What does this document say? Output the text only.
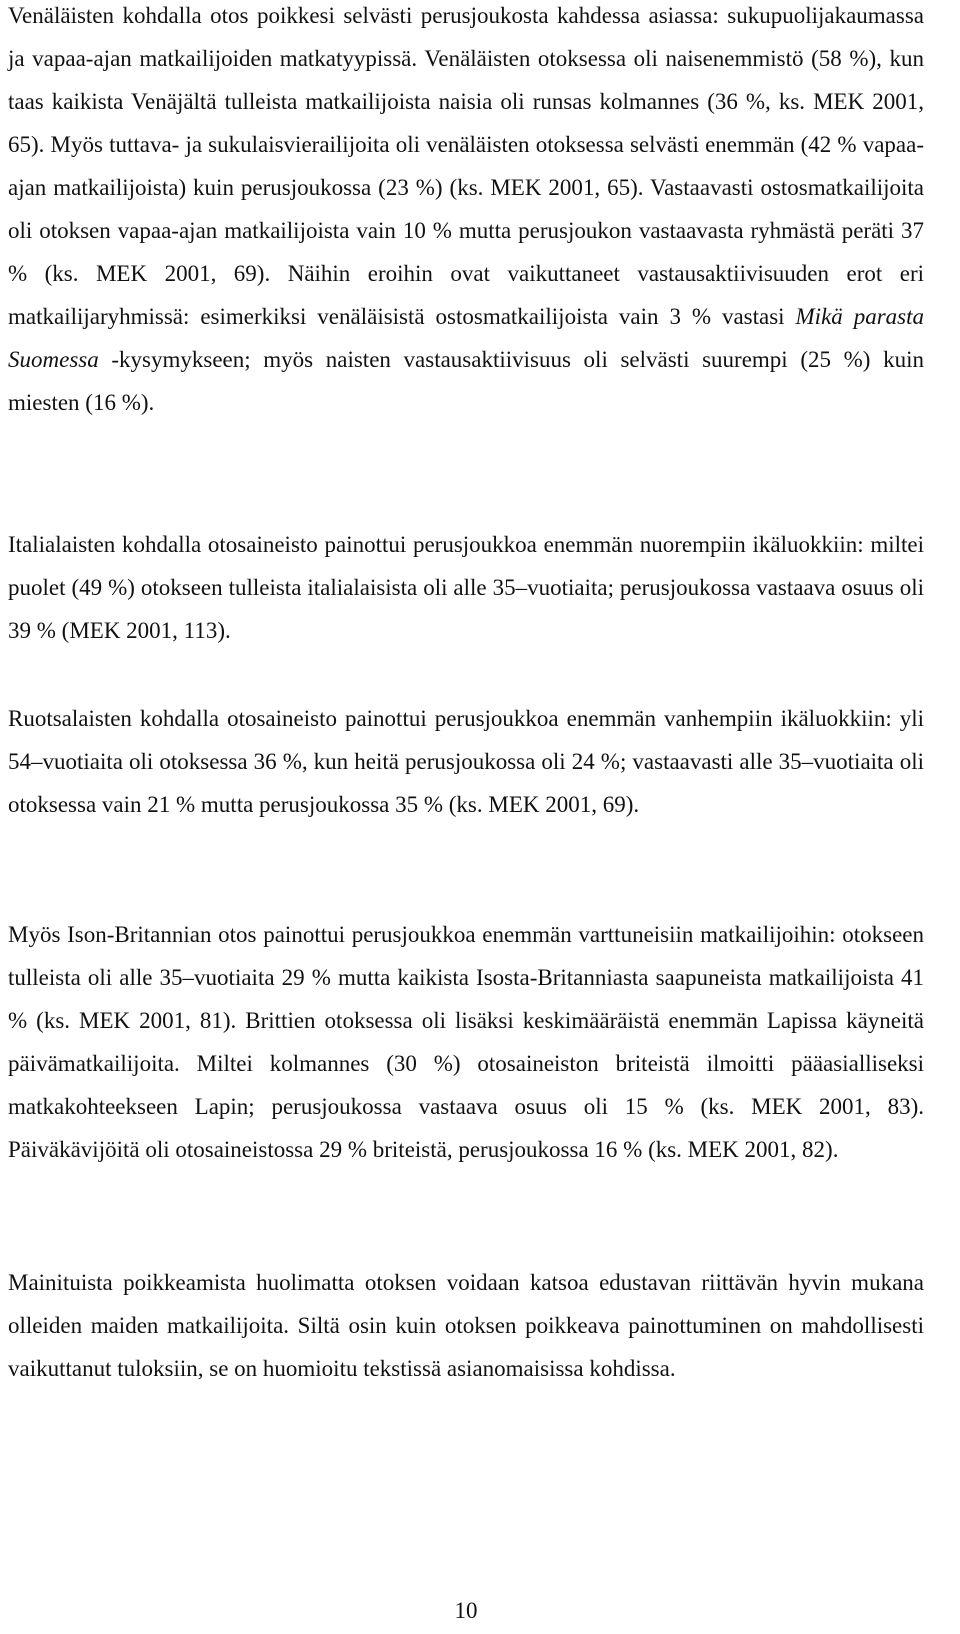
Venäläisten kohdalla otos poikkesi selvästi perusjoukosta kahdessa asiassa: sukupuolijakaumassa ja vapaa-ajan matkailijoiden matkatyypissä. Venäläisten otoksessa oli naisenemmistö (58 %), kun taas kaikista Venäjältä tulleista matkailijoista naisia oli runsas kolmannes (36 %, ks. MEK 2001, 65). Myös tuttava- ja sukulaisvierailijoita oli venäläisten otoksessa selvästi enemmän (42 % vapaa-ajan matkailijoista) kuin perusjoukossa (23 %) (ks. MEK 2001, 65). Vastaavasti ostosmatkailijoita oli otoksen vapaa-ajan matkailijoista vain 10 % mutta perusjoukon vastaavasta ryhmästä peräti 37 % (ks. MEK 2001, 69). Näihin eroihin ovat vaikuttaneet vastausaktiivisuuden erot eri matkailijaryhmissä: esimerkiksi venäläisistä ostosmatkailijoista vain 3 % vastasi Mikä parasta Suomessa -kysymykseen; myös naisten vastausaktiivisuus oli selvästi suurempi (25 %) kuin miesten (16 %).

Italialaisten kohdalla otosaineisto painottui perusjoukkoa enemmän nuorempiin ikäluokkiin: miltei puolet (49 %) otokseen tulleista italialaisista oli alle 35–vuotiaita; perusjoukossa vastaava osuus oli 39 % (MEK 2001, 113).

Ruotsalaisten kohdalla otosaineisto painottui perusjoukkoa enemmän vanhempiin ikäluokkiin: yli 54–vuotiaita oli otoksessa 36 %, kun heitä perusjoukossa oli 24 %; vastaavasti alle 35–vuotiaita oli otoksessa vain 21 % mutta perusjoukossa 35 % (ks. MEK 2001, 69).

Myös Ison-Britannian otos painottui perusjoukkoa enemmän varttuneisiin matkailijoihin: otokseen tulleista oli alle 35–vuotiaita 29 % mutta kaikista Isosta-Britanniasta saapuneista matkailijoista 41 % (ks. MEK 2001, 81). Brittien otoksessa oli lisäksi keskimääräistä enemmän Lapissa käyneitä päivämatkailijoita. Miltei kolmannes (30 %) otosaineiston briteistä ilmoitti pääasialliseksi matkakohteekseen Lapin; perusjoukossa vastaava osuus oli 15 % (ks. MEK 2001, 83). Päiväkävijöitä oli otosaineistossa 29 % briteistä, perusjoukossa 16 % (ks. MEK 2001, 82).

Mainituista poikkeamista huolimatta otoksen voidaan katsoa edustavan riittävän hyvin mukana olleiden maiden matkailijoita. Siltä osin kuin otoksen poikkeava painottuminen on mahdollisesti vaikuttanut tuloksiin, se on huomioitu tekstissä asianomaisissa kohdissa.

10
